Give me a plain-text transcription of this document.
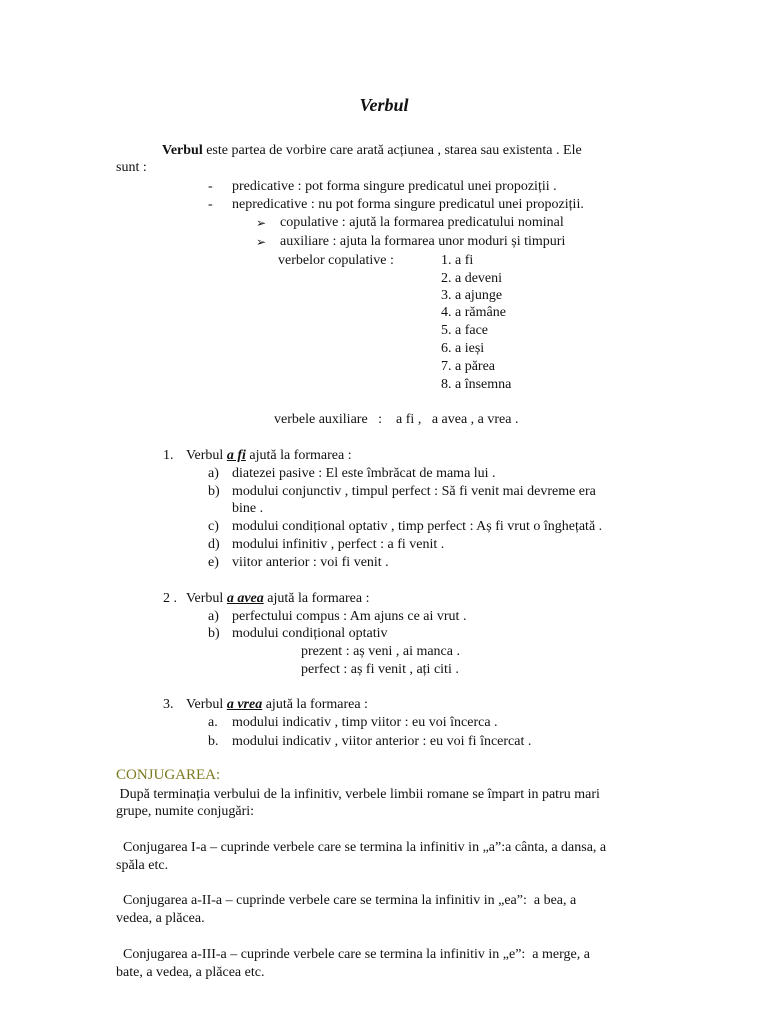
Verbul
Verbul este partea de vorbire care arată acțiunea , starea sau existenta . Ele
sunt :
- predicative : pot forma singure predicatul unei propoziții .
- nepredicative : nu pot forma singure predicatul unei propoziții.
➢ copulative : ajută la formarea predicatului nominal
➢ auxiliare : ajuta la formarea unor moduri și timpuri
verbelor copulative :	1. a fi
2. a deveni
3. a ajunge
4. a rămâne
5. a face
6. a ieși
7. a părea
8. a însemna
verbele auxiliare   :    a fi ,   a avea , a vrea .
1. Verbul a fi ajută la formarea :
a) diatezei pasive : El este îmbrăcat de mama lui .
b) modului conjunctiv , timpul perfect : Să fi venit mai devreme era
bine .
c) modului condițional optativ , timp perfect : Aș fi vrut o înghețată .
d) modului infinitiv , perfect : a fi venit .
e) viitor anterior : voi fi venit .
2 . Verbul a avea ajută la formarea :
a) perfectului compus : Am ajuns ce ai vrut .
b) modului condițional optativ
prezent : aș veni , ai manca .
perfect : aș fi venit , ați citi .
3. Verbul a vrea ajută la formarea :
a. modului indicativ , timp viitor : eu voi încerca .
b. modului indicativ , viitor anterior : eu voi fi încercat .
CONJUGAREA:
După terminația verbului de la infinitiv, verbele limbii romane se împart in patru mari
grupe, numite conjugări:
Conjugarea I-a – cuprinde verbele care se termina la infinitiv in „a”:a cânta, a dansa, a
spăla etc.
Conjugarea a-II-a – cuprinde verbele care se termina la infinitiv in „ea”:  a bea, a
vedea, a plăcea.
Conjugarea a-III-a – cuprinde verbele care se termina la infinitiv in „e”:  a merge, a
bate, a vedea, a plăcea etc.
